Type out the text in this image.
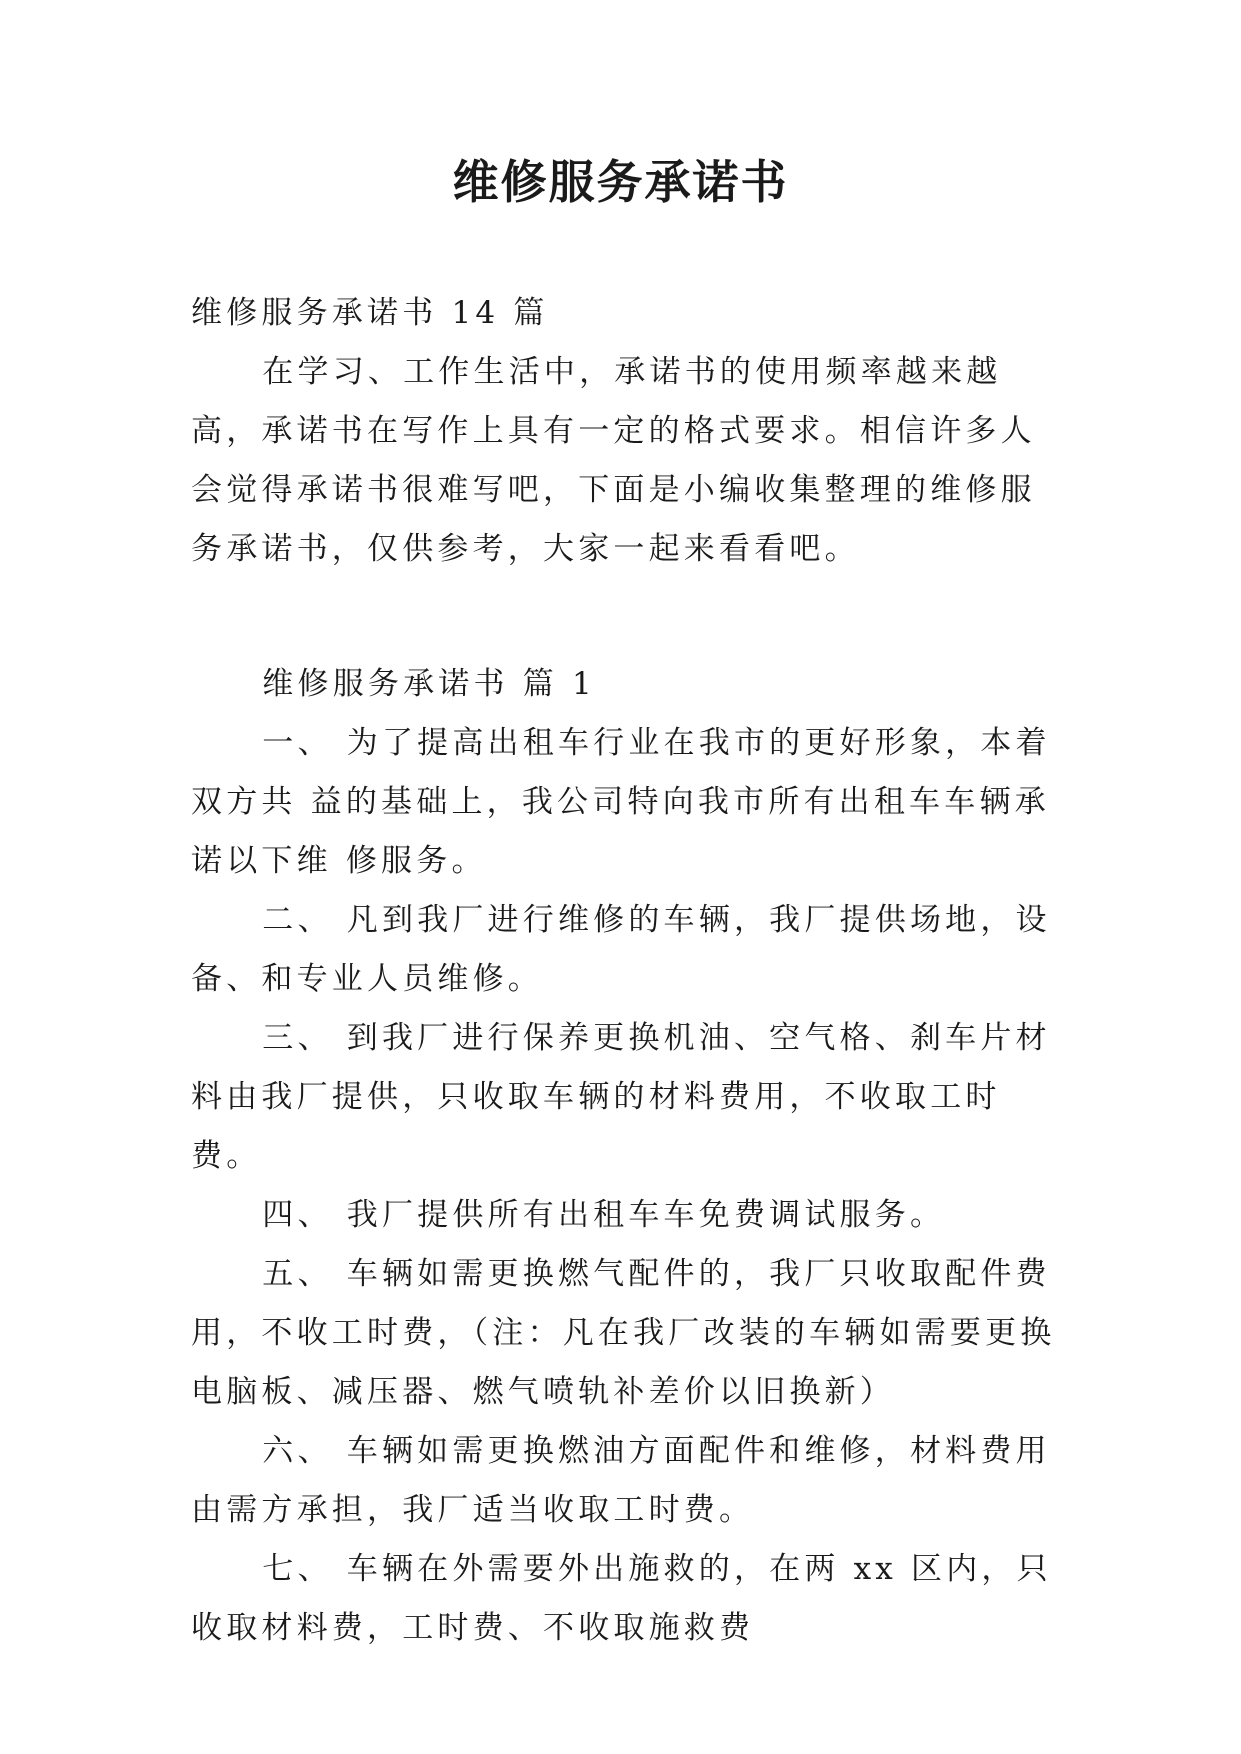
维修服务承诺书

维修服务承诺书 14 篇

在学习、工作生活中，承诺书的使用频率越来越高，承诺书在写作上具有一定的格式要求。相信许多人会觉得承诺书很难写吧，下面是小编收集整理的维修服务承诺书，仅供参考，大家一起来看看吧。

维修服务承诺书 篇 1

一、 为了提高出租车行业在我市的更好形象，本着双方共 益的基础上，我公司特向我市所有出租车车辆承诺以下维 修服务。

二、 凡到我厂进行维修的车辆，我厂提供场地，设备、和专业人员维修。

三、 到我厂进行保养更换机油、空气格、刹车片材料由我厂提供，只收取车辆的材料费用，不收取工时费。

四、 我厂提供所有出租车车免费调试服务。

五、 车辆如需更换燃气配件的，我厂只收取配件费用，不收工时费，（注：凡在我厂改装的车辆如需要更换电脑板、减压器、燃气喷轨补差价以旧换新）

六、 车辆如需更换燃油方面配件和维修，材料费用由需方承担，我厂适当收取工时费。

七、 车辆在外需要外出施救的，在两 xx 区内，只收取材料费，工时费、不收取施救费
